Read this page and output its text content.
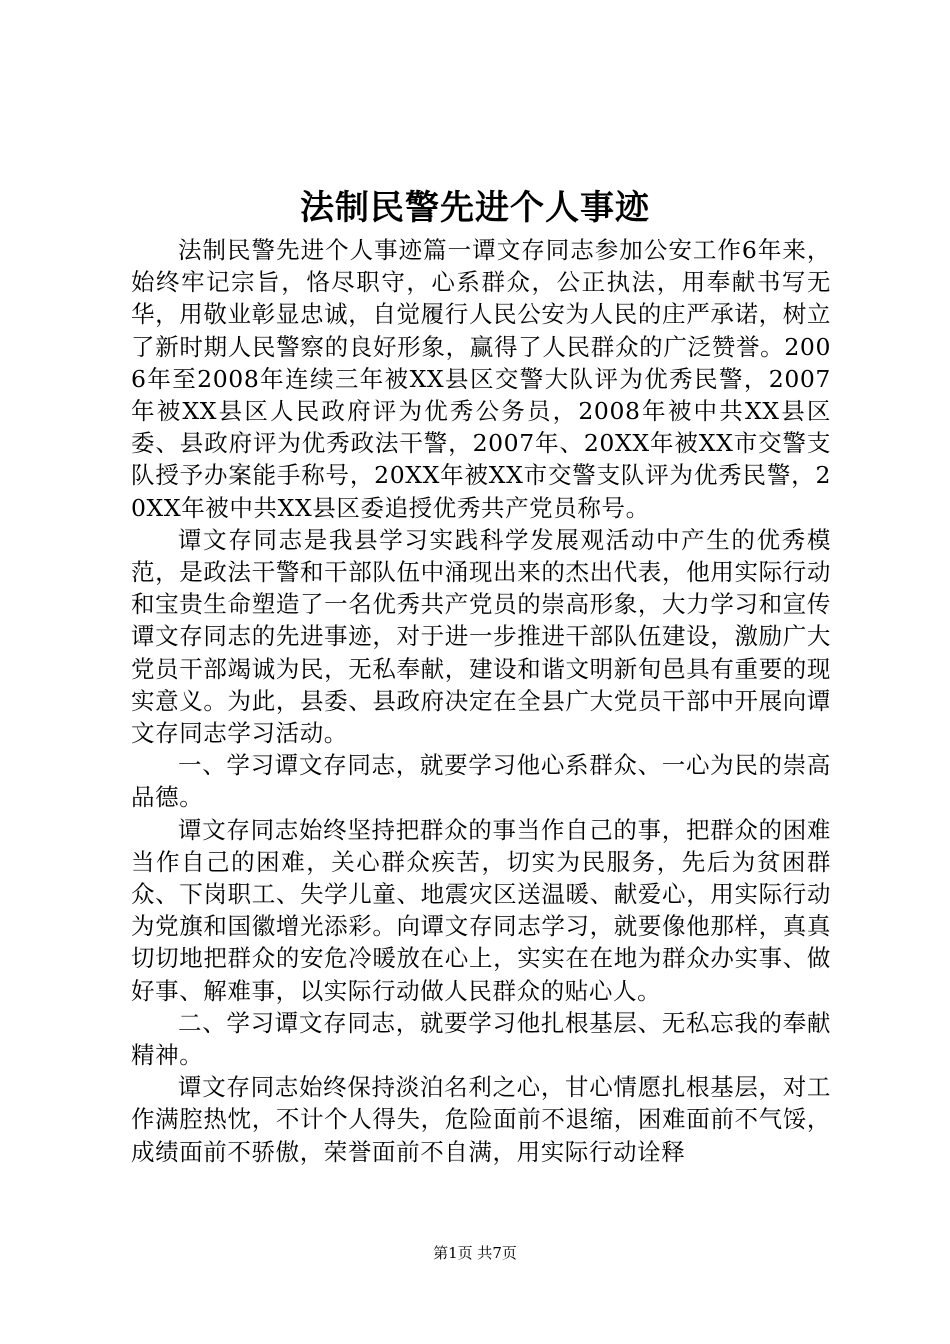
法制民警先进个人事迹

法制民警先进个人事迹篇一谭文存同志参加公安工作6年来，始终牢记宗旨，恪尽职守，心系群众，公正执法，用奉献书写无华，用敬业彰显忠诚，自觉履行人民公安为人民的庄严承诺，树立了新时期人民警察的良好形象，赢得了人民群众的广泛赞誉。2006年至2008年连续三年被XX县区交警大队评为优秀民警，2007年被XX县区人民政府评为优秀公务员，2008年被中共XX县区委、县政府评为优秀政法干警，2007年、20XX年被XX市交警支队授予办案能手称号，20XX年被XX市交警支队评为优秀民警，20XX年被中共XX县区委追授优秀共产党员称号。

谭文存同志是我县学习实践科学发展观活动中产生的优秀模范，是政法干警和干部队伍中涌现出来的杰出代表，他用实际行动和宝贵生命塑造了一名优秀共产党员的崇高形象，大力学习和宣传谭文存同志的先进事迹，对于进一步推进干部队伍建设，激励广大党员干部竭诚为民，无私奉献，建设和谐文明新旬邑具有重要的现实意义。为此，县委、县政府决定在全县广大党员干部中开展向谭文存同志学习活动。

一、学习谭文存同志，就要学习他心系群众、一心为民的崇高品德。

谭文存同志始终坚持把群众的事当作自己的事，把群众的困难当作自己的困难，关心群众疾苦，切实为民服务，先后为贫困群众、下岗职工、失学儿童、地震灾区送温暖、献爱心，用实际行动为党旗和国徽增光添彩。向谭文存同志学习，就要像他那样，真真切切地把群众的安危冷暖放在心上，实实在在地为群众办实事、做好事、解难事，以实际行动做人民群众的贴心人。

二、学习谭文存同志，就要学习他扎根基层、无私忘我的奉献精神。

谭文存同志始终保持淡泊名利之心，甘心情愿扎根基层，对工作满腔热忱，不计个人得失，危险面前不退缩，困难面前不气馁，成绩面前不骄傲，荣誉面前不自满，用实际行动诠释

第1页 共7页
